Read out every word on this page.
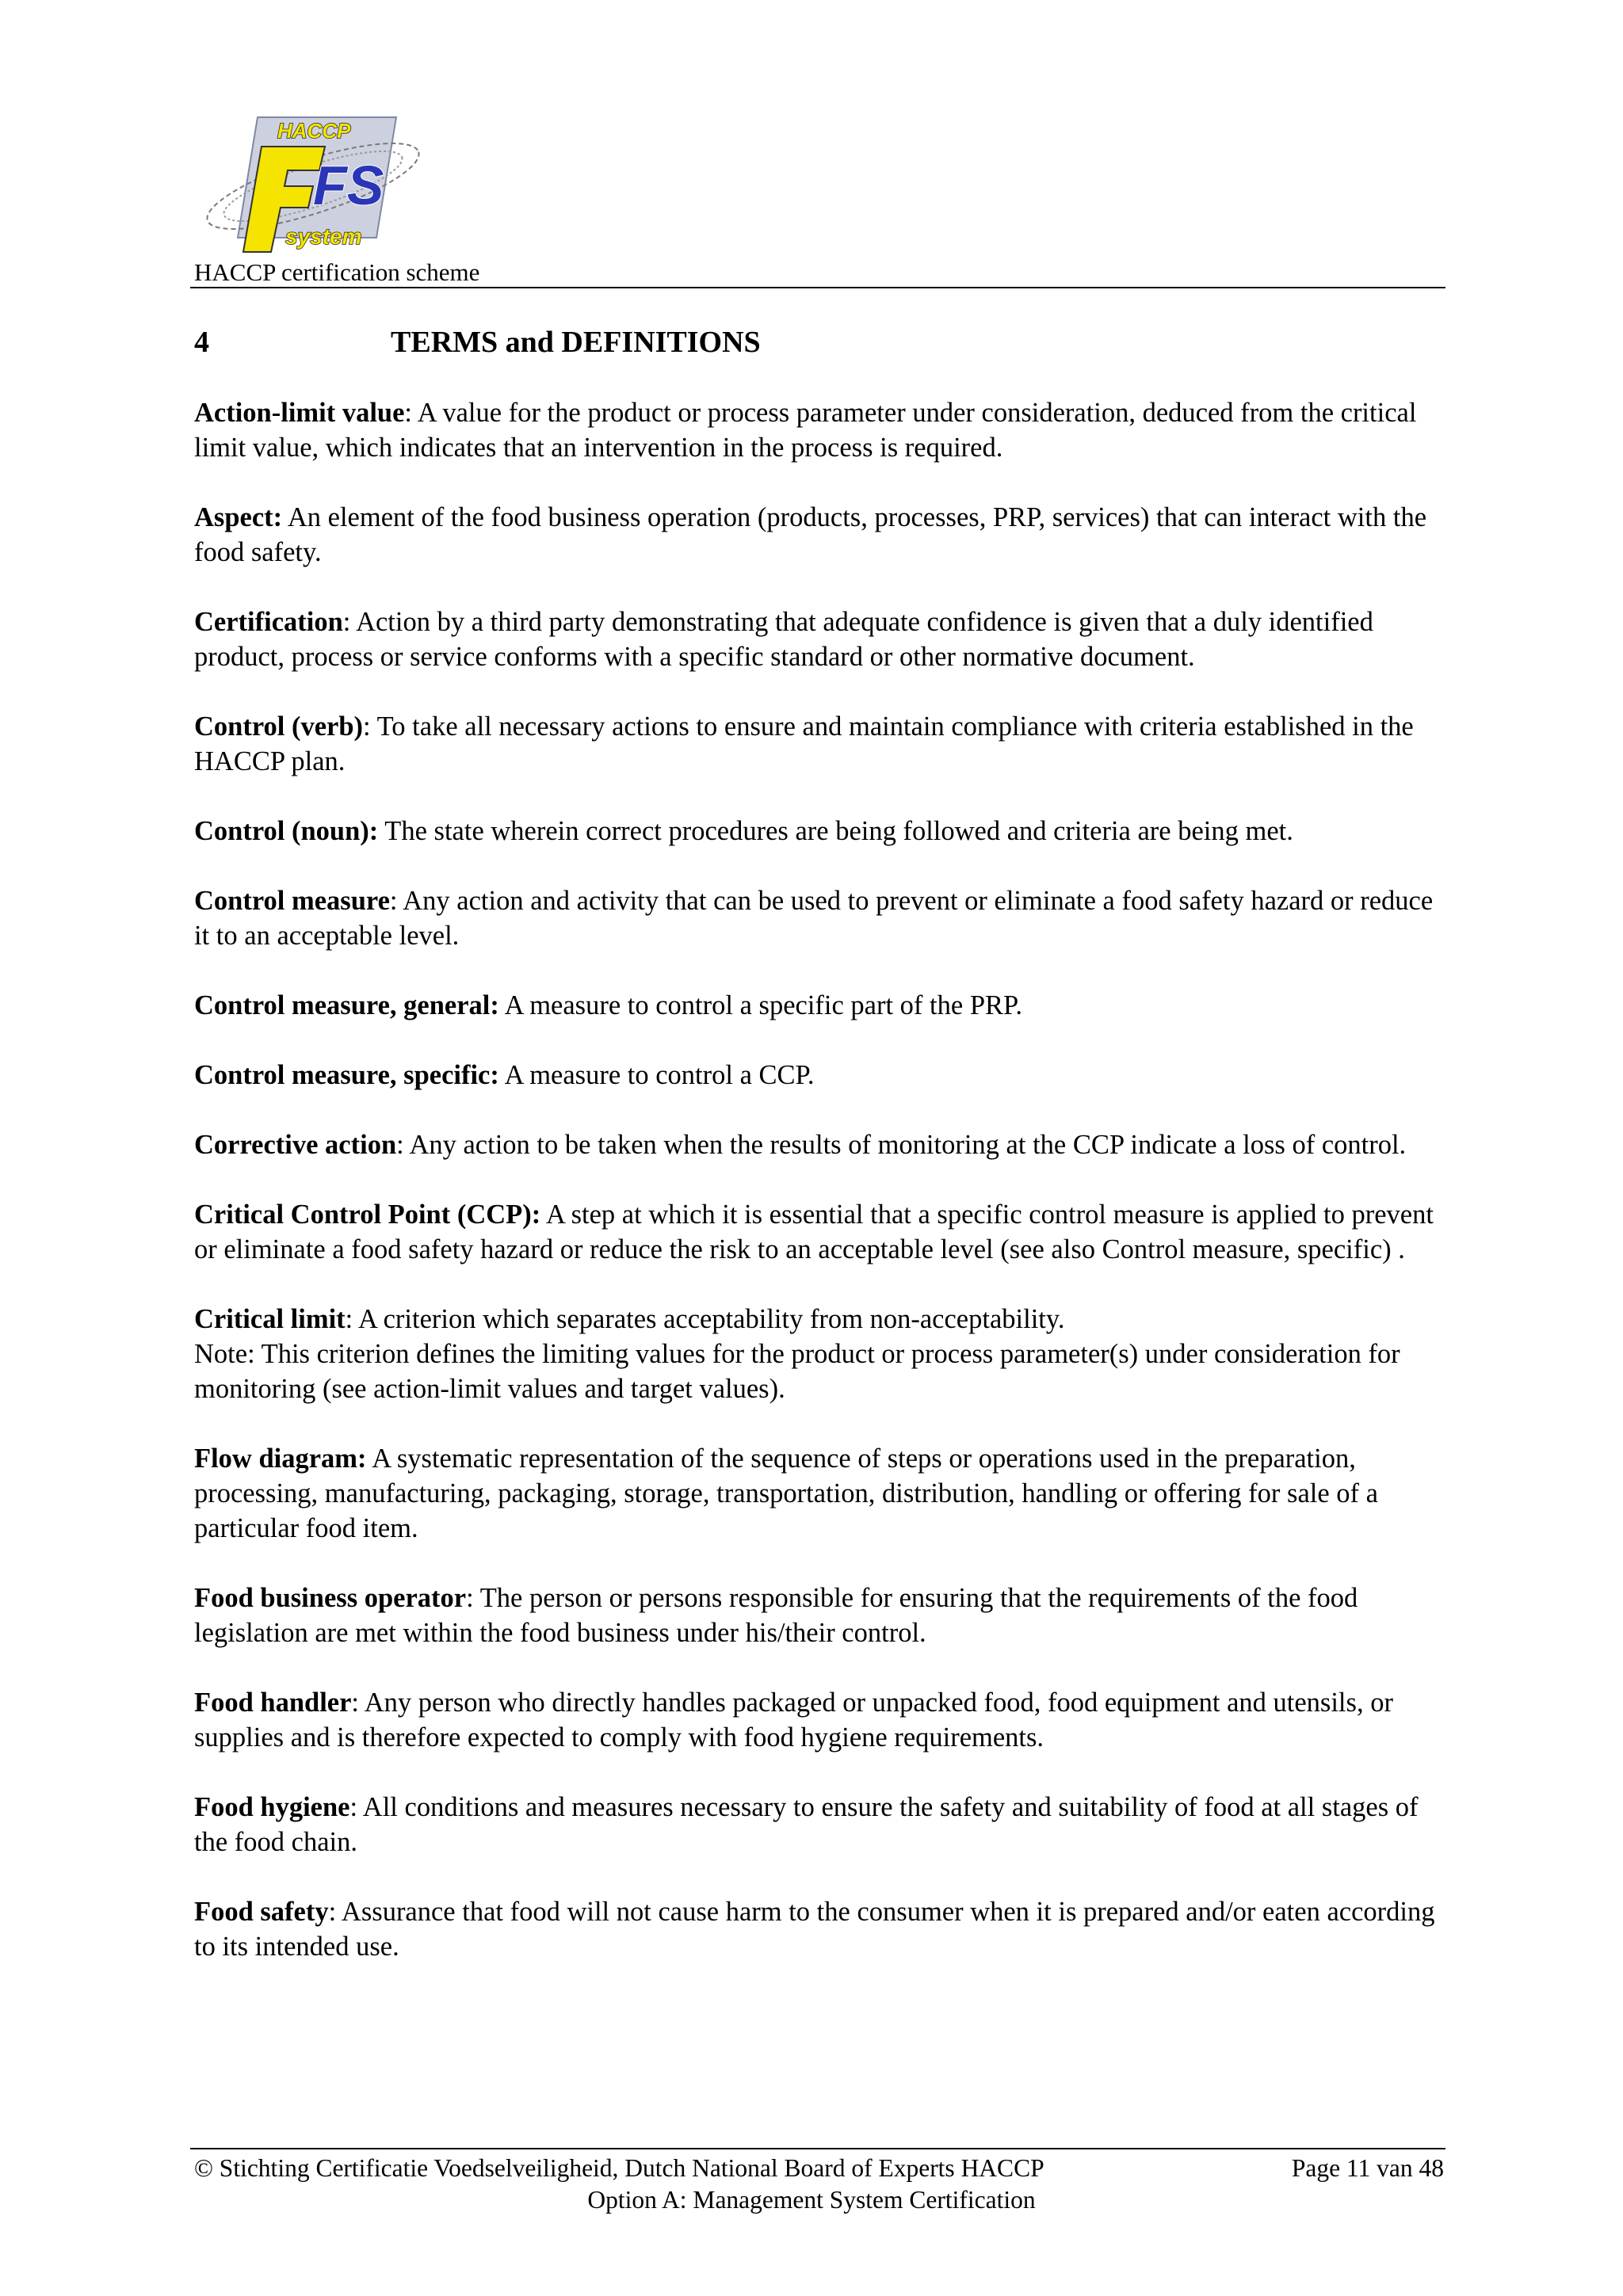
FS
HACCP
system
HACCP certification scheme
4	TERMS and DEFINITIONS

Action-limit value: A value for the product or process parameter under consideration, deduced from the critical limit value, which indicates that an intervention in the process is required.

Aspect: An element of the food business operation (products, processes, PRP, services) that can interact with the food safety.

Certification: Action by a third party demonstrating that adequate confidence is given that a duly identified product, process or service conforms with a specific standard or other normative document.

Control (verb): To take all necessary actions to ensure and maintain compliance with criteria established in the HACCP plan.

Control (noun): The state wherein correct procedures are being followed and criteria are being met.

Control measure: Any action and activity that can be used to prevent or eliminate a food safety hazard or reduce it to an acceptable level.

Control measure, general: A measure to control a specific part of the PRP.

Control measure, specific: A measure to control a CCP.

Corrective action: Any action to be taken when the results of monitoring at the CCP indicate a loss of control.

Critical Control Point (CCP): A step at which it is essential that a specific control measure is applied to prevent or eliminate a food safety hazard or reduce the risk to an acceptable level (see also Control measure, specific) .

Critical limit: A criterion which separates acceptability from non-acceptability.
Note: This criterion defines the limiting values for the product or process parameter(s) under consideration for monitoring (see action-limit values and target values).

Flow diagram: A systematic representation of the sequence of steps or operations used in the preparation, processing, manufacturing, packaging, storage, transportation, distribution, handling or offering for sale of a particular food item.

Food business operator: The person or persons responsible for ensuring that the requirements of the food legislation are met within the food business under his/their control.

Food handler: Any person who directly handles packaged or unpacked food, food equipment and utensils, or supplies and is therefore expected to comply with food hygiene requirements.

Food hygiene: All conditions and measures necessary to ensure the safety and suitability of food at all stages of the food chain.

Food safety: Assurance that food will not cause harm to the consumer when it is prepared and/or eaten according to its intended use.

© Stichting Certificatie Voedselveiligheid, Dutch National Board of Experts HACCP	Page 11 van 48
Option A: Management System Certification
